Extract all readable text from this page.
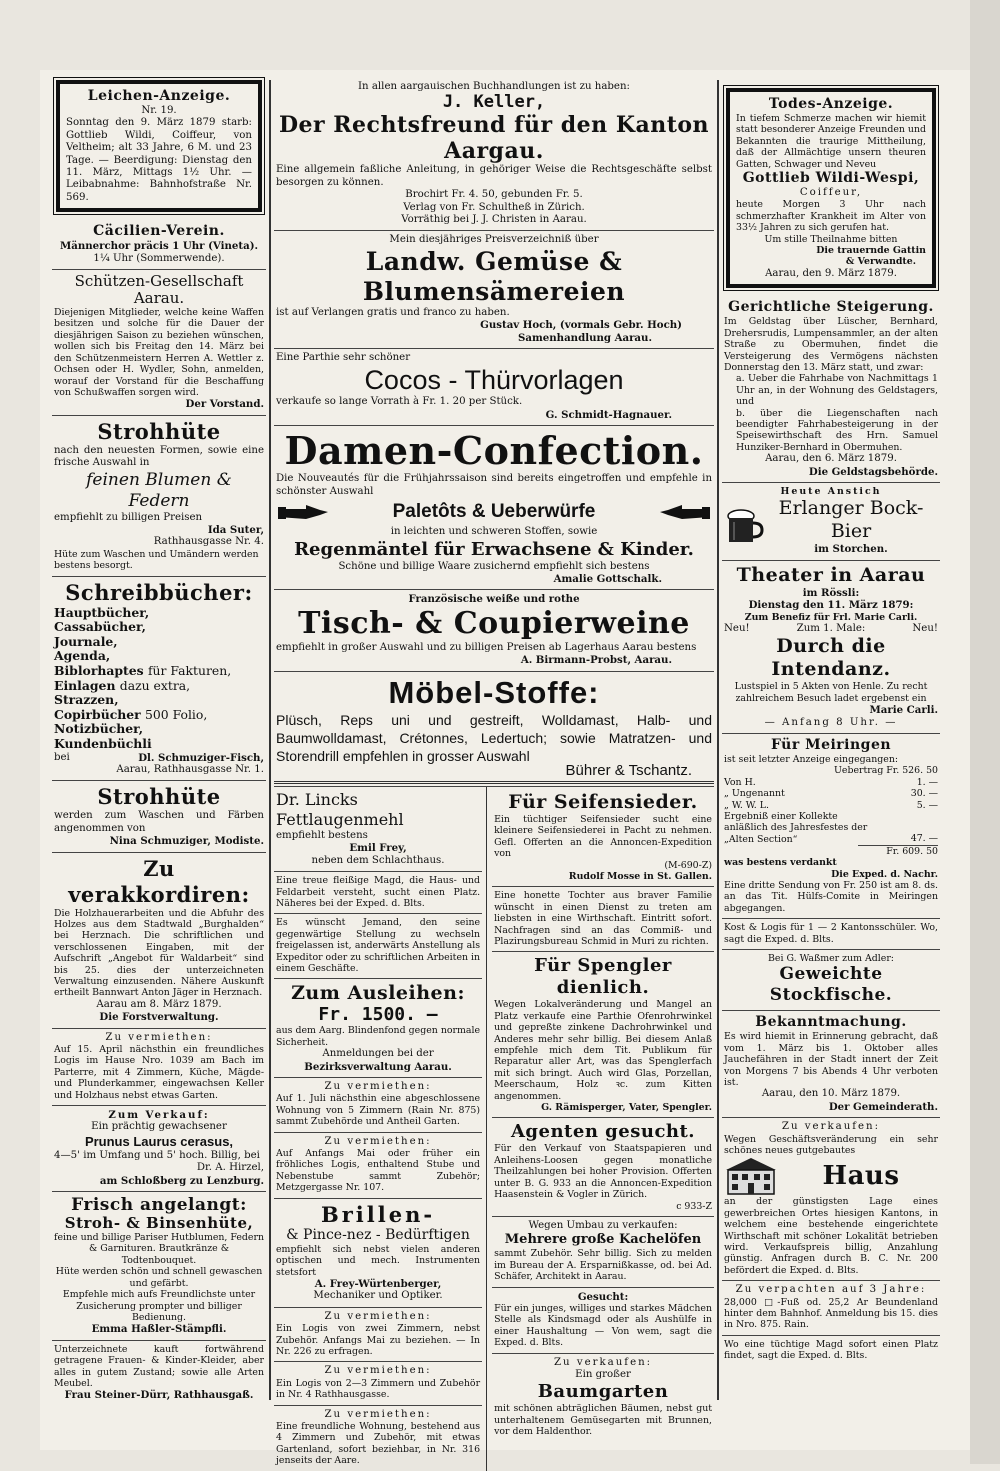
Leichen-Anzeige.
Nr. 19.
Sonntag den 9. März 1879 starb: Gottlieb Wildi, Coiffeur, von Veltheim; alt 33 Jahre, 6 M. und 23 Tage. — Beerdigung: Dienstag den 11. März, Mittags 1½ Uhr. — Leibabnahme: Bahnhofstraße Nr. 569.
Cäcilien-Verein.
Männerchor präcis 1 Uhr (Vineta).
1¼ Uhr (Sommerwende).
Schützen-Gesellschaft Aarau.
Diejenigen Mitglieder, welche keine Waffen besitzen und solche für die Dauer der diesjährigen Saison zu beziehen wünschen, wollen sich bis Freitag den 14. März bei den Schützenmeistern Herren A. Wettler z. Ochsen oder H. Wydler, Sohn, anmelden, worauf der Vorstand für die Beschaffung von Schußwaffen sorgen wird.
Der Vorstand.
Strohhüte
nach den neuesten Formen, sowie eine frische Auswahl in
feinen Blumen & Federn
empfiehlt zu billigen Preisen
Ida Suter,
Rathhausgasse Nr. 4.
Hüte zum Waschen und Umändern werden bestens besorgt.
Schreibbücher:
Hauptbücher,
Cassabücher,
Journale,
Agenda,
Biblorhaptes für Fakturen,
Einlagen dazu extra,
Strazzen,
Copirbücher 500 Folio,
Notizbücher,
Kundenbüchli
bei	Dl. Schmuziger-Fisch,
Aarau, Rathhausgasse Nr. 1.
Strohhüte
werden zum Waschen und Färben angenommen von
Nina Schmuziger, Modiste.
Zu verakkordiren:
Die Holzhauerarbeiten und die Abfuhr des Holzes aus dem Stadtwald „Burghalden“ bei Herznach. Die schriftlichen und verschlossenen Eingaben, mit der Aufschrift „Angebot für Waldarbeit“ sind bis 25. dies der unterzeichneten Verwaltung einzusenden. Nähere Auskunft ertheilt Bannwart Anton Jäger in Herznach.
Aarau am 8. März 1879.
Die Forstverwaltung.
Zu vermiethen:
Auf 15. April nächsthin ein freundliches Logis im Hause Nro. 1039 am Bach im Parterre, mit 4 Zimmern, Küche, Mägde- und Plunderkammer, eingewachsen Keller und Holzhaus nebst etwas Garten.
Zum Verkauf:
Ein prächtig gewachsener
Prunus Laurus cerasus,
4—5' im Umfang und 5' hoch. Billig, bei
Dr. A. Hirzel,
am Schloßberg zu Lenzburg.
Frisch angelangt:
Stroh- & Binsenhüte,
feine und billige Pariser Hutblumen, Federn & Garnituren. Brautkränze & Todtenbouquet.
Hüte werden schön und schnell gewaschen und gefärbt.
Empfehle mich aufs Freundlichste unter Zusicherung prompter und billiger Bedienung.
Emma Haßler-Stämpfli.
Unterzeichnete kauft fortwährend getragene Frauen- & Kinder-Kleider, aber alles in gutem Zustand; sowie alle Arten Meubel.
Frau Steiner-Dürr, Rathhausgaß.
In allen aargauischen Buchhandlungen ist zu haben:
J. Keller,
Der Rechtsfreund für den Kanton Aargau.
Eine allgemein faßliche Anleitung, in gehöriger Weise die Rechtsgeschäfte selbst besorgen zu können.
Brochirt Fr. 4. 50, gebunden Fr. 5.
Verlag von Fr. Schultheß in Zürich.
Vorräthig bei J. J. Christen in Aarau.
Mein diesjähriges Preisverzeichniß über
Landw. Gemüse & Blumensämereien
ist auf Verlangen gratis und franco zu haben.
Gustav Hoch, (vormals Gebr. Hoch)
Samenhandlung Aarau.
Eine Parthie sehr schöner
Cocos - Thürvorlagen
verkaufe so lange Vorrath à Fr. 1. 20 per Stück.
G. Schmidt-Hagnauer.
Damen-Confection.
Die Nouveautés für die Frühjahrssaison sind bereits eingetroffen und empfehle in schönster Auswahl
Paletôts & Ueberwürfe
in leichten und schweren Stoffen, sowie
Regenmäntel für Erwachsene & Kinder.
Schöne und billige Waare zusichernd empfiehlt sich bestens
Amalie Gottschalk.
Französische weiße und rothe
Tisch- & Coupierweine
empfiehlt in großer Auswahl und zu billigen Preisen ab Lagerhaus Aarau bestens
A. Birmann-Probst, Aarau.
Möbel-Stoffe:
Plüsch, Reps uni und gestreift, Wolldamast, Halb- und Baumwolldamast, Crétonnes, Ledertuch; sowie Matratzen- und Storendrill empfehlen in grosser Auswahl
Bührer & Tschantz.
Dr. Lincks Fettlaugenmehl
empfiehlt bestens
Emil Frey,
neben dem Schlachthaus.
Eine treue fleißige Magd, die Haus- und Feldarbeit versteht, sucht einen Platz. Näheres bei der Exped. d. Blts.
Es wünscht Jemand, den seine gegenwärtige Stellung zu wechseln freigelassen ist, anderwärts Anstellung als Expeditor oder zu schriftlichen Arbeiten in einem Geschäfte.
Zum Ausleihen:
Fr. 1500. —
aus dem Aarg. Blindenfond gegen normale Sicherheit.
Anmeldungen bei der
Bezirksverwaltung Aarau.
Zu vermiethen:
Auf 1. Juli nächsthin eine abgeschlossene Wohnung von 5 Zimmern (Rain Nr. 875) sammt Zubehörde und Antheil Garten.
Zu vermiethen:
Auf Anfangs Mai oder früher ein fröhliches Logis, enthaltend Stube und Nebenstube sammt Zubehör; Metzgergasse Nr. 107.
Brillen-
& Pince-nez - Bedürftigen
empfiehlt sich nebst vielen anderen optischen und mech. Instrumenten stetsfort
A. Frey-Würtenberger,
Mechaniker und Optiker.
Zu vermiethen:
Ein Logis von zwei Zimmern, nebst Zubehör. Anfangs Mai zu beziehen. — In Nr. 226 zu erfragen.
Zu vermiethen:
Ein Logis von 2—3 Zimmern und Zubehör in Nr. 4 Rathhausgasse.
Zu vermiethen:
Eine freundliche Wohnung, bestehend aus 4 Zimmern und Zubehör, mit etwas Gartenland, sofort beziehbar, in Nr. 316 jenseits der Aare.
Für Seifensieder.
Ein tüchtiger Seifensieder sucht eine kleinere Seifensiederei in Pacht zu nehmen. Gefl. Offerten an die Annoncen-Expedition von
(M-690-Z)
Rudolf Mosse in St. Gallen.
Eine honette Tochter aus braver Familie wünscht in einen Dienst zu treten am liebsten in eine Wirthschaft. Eintritt sofort. Nachfragen sind an das Commiß- und Plazirungsbureau Schmid in Muri zu richten.
Für Spengler dienlich.
Wegen Lokalveränderung und Mangel an Platz verkaufe eine Parthie Ofenrohrwinkel und gepreßte zinkene Dachrohrwinkel und Anderes mehr sehr billig. Bei diesem Anlaß empfehle mich dem Tit. Publikum für Reparatur aller Art, was das Spenglerfach mit sich bringt. Auch wird Glas, Porzellan, Meerschaum, Holz ꝛc. zum Kitten angenommen.
G. Rämisperger, Vater, Spengler.
Agenten gesucht.
Für den Verkauf von Staatspapieren und Anleihens-Loosen gegen monatliche Theilzahlungen bei hoher Provision. Offerten unter B. G. 933 an die Annoncen-Expedition Haasenstein & Vogler in Zürich.
c 933-Z
Wegen Umbau zu verkaufen:
Mehrere große Kachelöfen
sammt Zubehör. Sehr billig. Sich zu melden im Bureau der A. Ersparnißkasse, od. bei Ad. Schäfer, Architekt in Aarau.
Gesucht:
Für ein junges, williges und starkes Mädchen Stelle als Kindsmagd oder als Aushülfe in einer Haushaltung — Von wem, sagt die Exped. d. Blts.
Zu verkaufen:
Ein großer
Baumgarten
mit schönen abträglichen Bäumen, nebst gut unterhaltenem Gemüsegarten mit Brunnen, vor dem Haldenthor.
Todes-Anzeige.
In tiefem Schmerze machen wir hiemit statt besonderer Anzeige Freunden und Bekannten die traurige Mittheilung, daß der Allmächtige unsern theuren Gatten, Schwager und Neveu
Gottlieb Wildi-Wespi,
Coiffeur,
heute Morgen 3 Uhr nach schmerzhafter Krankheit im Alter von 33½ Jahren zu sich gerufen hat.
Um stille Theilnahme bitten
Die trauernde Gattin
& Verwandte.
Aarau, den 9. März 1879.
Gerichtliche Steigerung.
Im Geldstag über Lüscher, Bernhard, Drehersrudis, Lumpensammler, an der alten Straße zu Obermuhen, findet die Versteigerung des Vermögens nächsten Donnerstag den 13. März statt, und zwar:
a. Ueber die Fahrhabe von Nachmittags 1 Uhr an, in der Wohnung des Geldstagers, und
b. über die Liegenschaften nach beendigter Fahrhabesteigerung in der Speisewirthschaft des Hrn. Samuel Hunziker-Bernhard in Obermuhen.
Aarau, den 6. März 1879.
Die Geldstagsbehörde.
Heute Anstich
Erlanger Bock-Bier
im Storchen.
Theater in Aarau
im Rössli:
Dienstag den 11. März 1879:
Zum Benefiz für Frl. Marie Carli.
Neu!	Zum 1. Male:	Neu!
Durch die Intendanz.
Lustspiel in 5 Akten von Henle. Zu recht zahlreichem Besuch ladet ergebenst ein
Marie Carli.
— Anfang 8 Uhr. —
Für Meiringen
ist seit letzter Anzeige eingegangen:
Uebertrag Fr. 526. 50
Von H.	1. —
„ Ungenannt	30. —
„ W. W. L.	5. —
Ergebniß einer Kollekte anläßlich des Jahresfestes der „Alten Section“	47. —
Fr. 609. 50
was bestens verdankt
Die Exped. d. Nachr.
Eine dritte Sendung von Fr. 250 ist am 8. ds. an das Tit. Hülfs-Comite in Meiringen abgegangen.
Kost & Logis für 1 — 2 Kantonsschüler. Wo, sagt die Exped. d. Blts.
Bei G. Waßmer zum Adler:
Geweichte Stockfische.
Bekanntmachung.
Es wird hiemit in Erinnerung gebracht, daß vom 1. März bis 1. Oktober alles Jauchefähren in der Stadt innert der Zeit von Morgens 7 bis Abends 4 Uhr verboten ist.
Aarau, den 10. März 1879.
Der Gemeinderath.
Zu verkaufen:
Wegen Geschäftsveränderung ein sehr schönes neues gutgebautes
Haus
an der günstigsten Lage eines gewerbreichen Ortes hiesigen Kantons, in welchem eine bestehende eingerichtete Wirthschaft mit schöner Lokalität betrieben wird. Verkaufspreis billig, Anzahlung günstig. Anfragen durch B. C. Nr. 200 befördert die Exped. d. Blts.
Zu verpachten auf 3 Jahre:
28,000 □-Fuß od. 25,2 Ar Beundenland hinter dem Bahnhof. Anmeldung bis 15. dies in Nro. 875. Rain.
Wo eine tüchtige Magd sofort einen Platz findet, sagt die Exped. d. Blts.
